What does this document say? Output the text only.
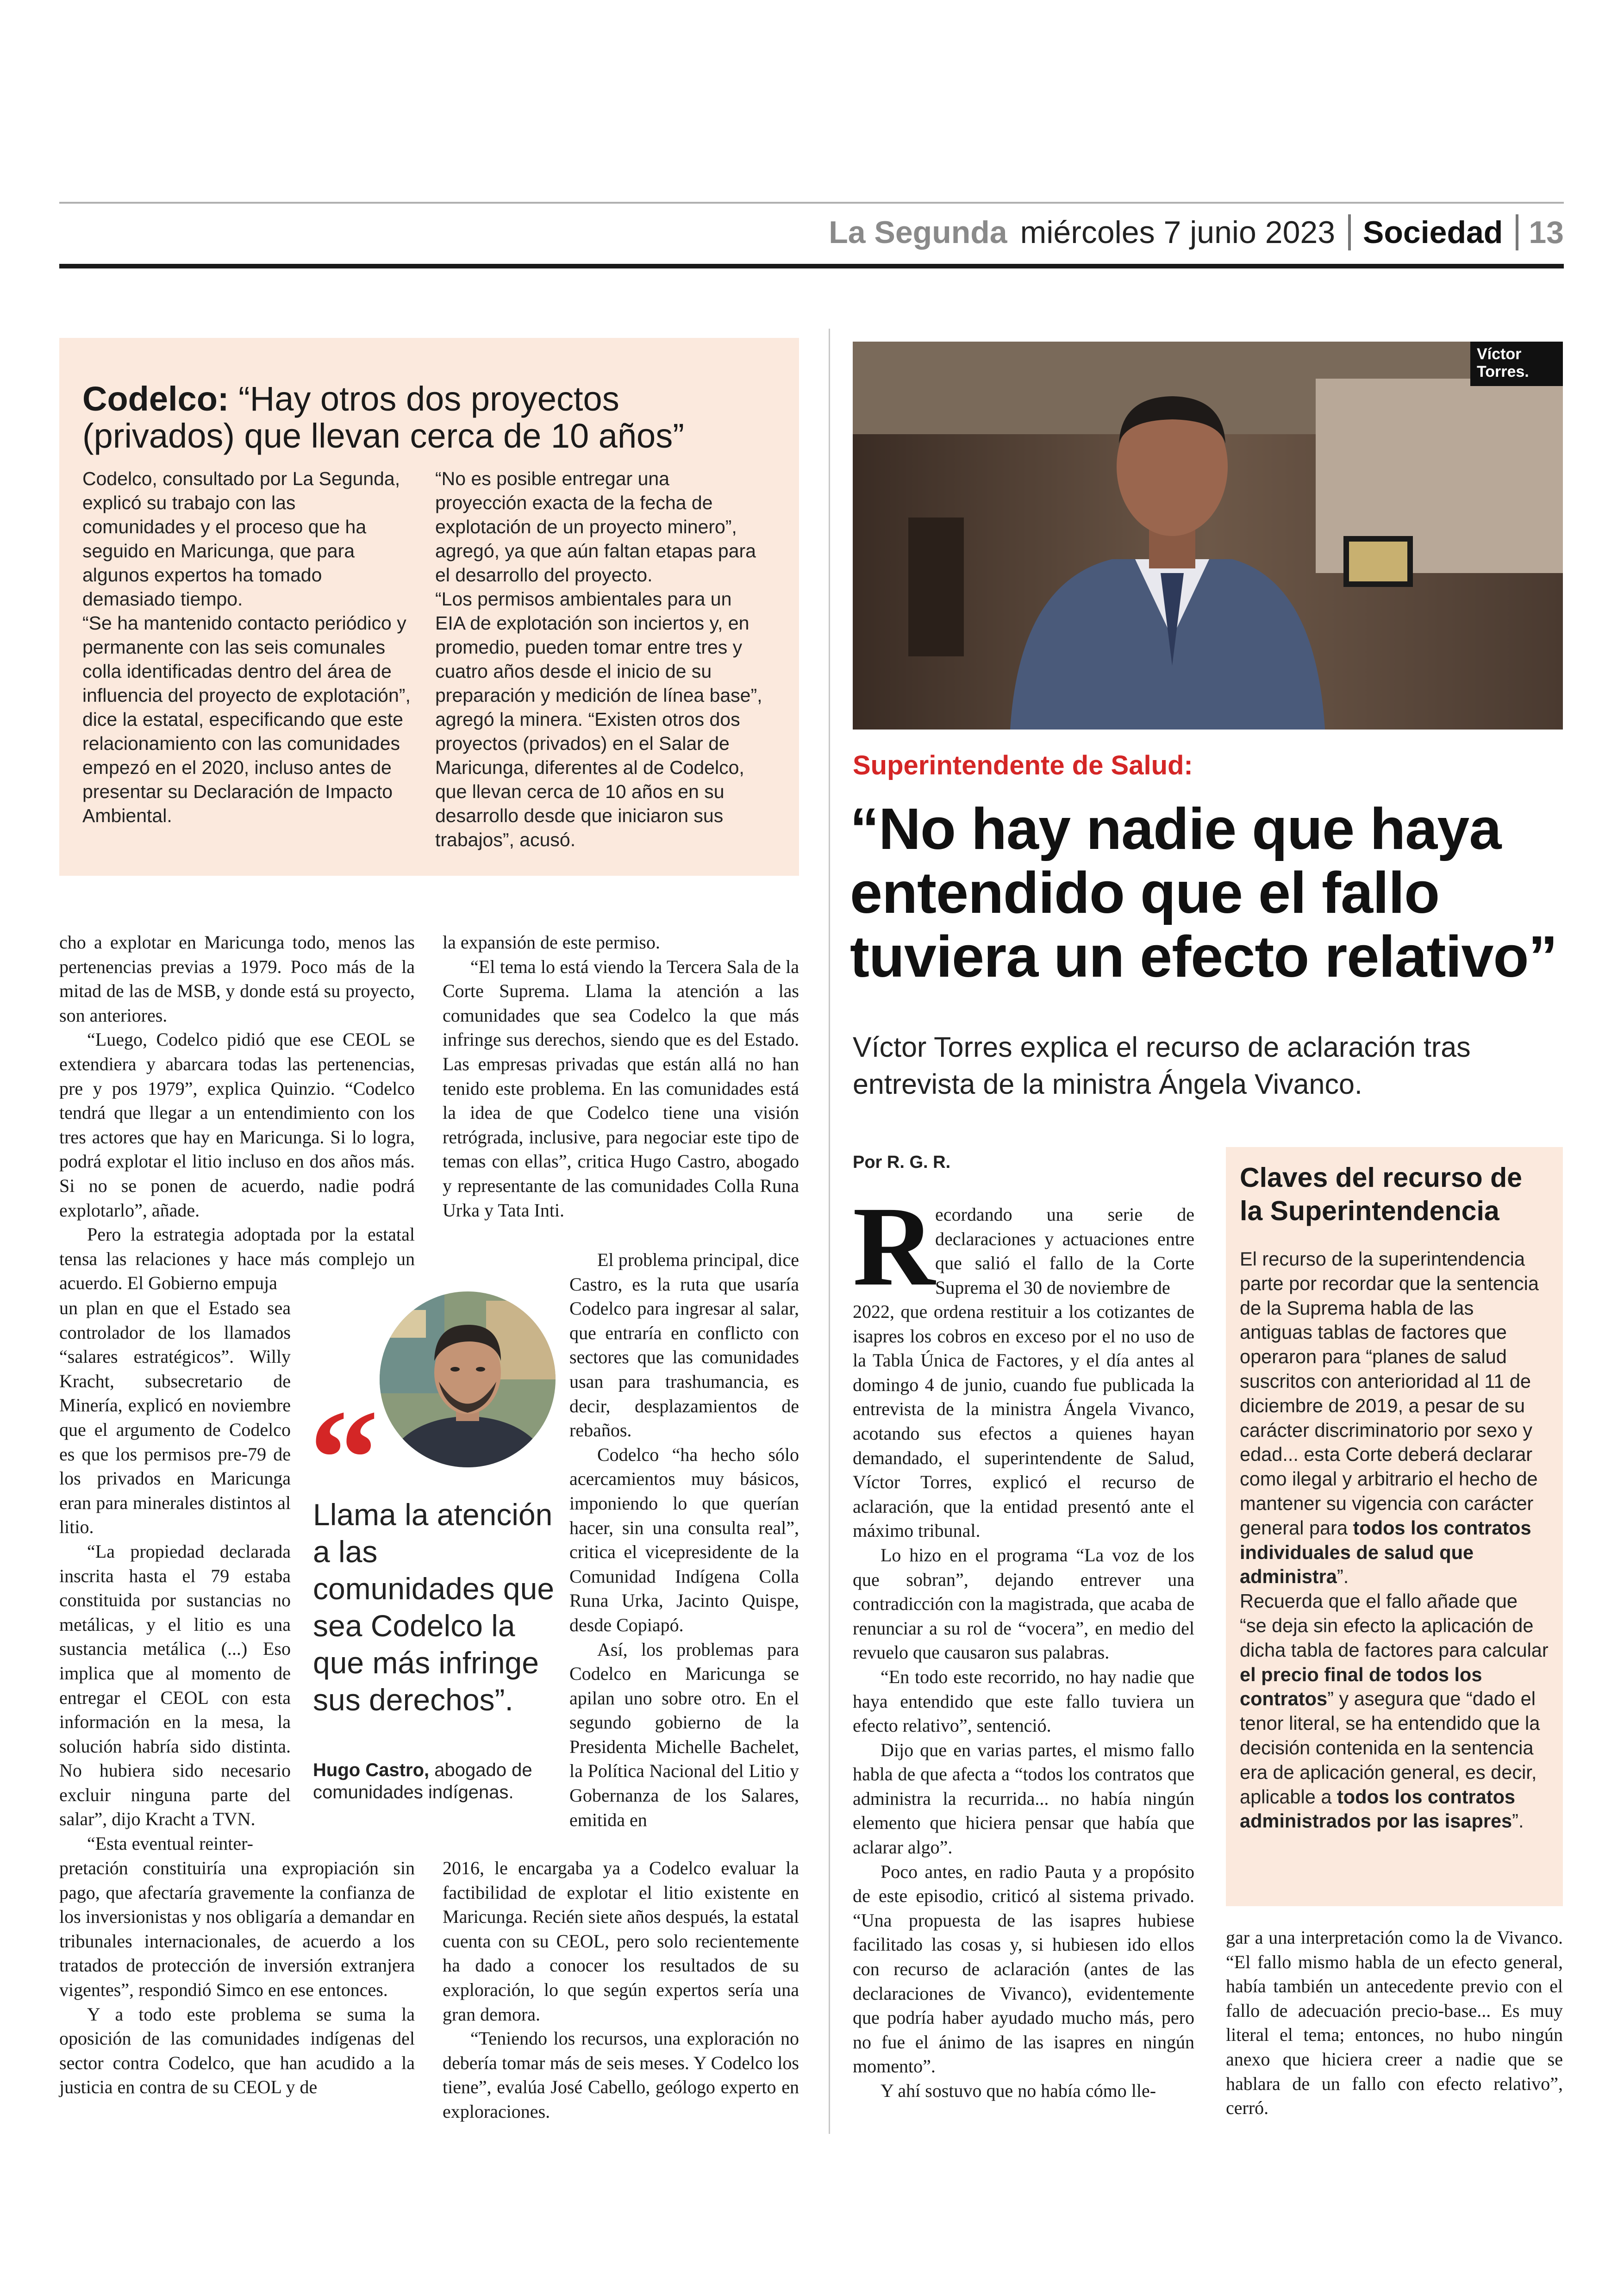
La Segunda miércoles 7 junio 2023 Sociedad 13
Codelco: “Hay otros dos proyectos (privados) que llevan cerca de 10 años”

Codelco, consultado por La Segunda, explicó su trabajo con las comunidades y el proceso que ha seguido en Maricunga, que para algunos expertos ha tomado demasiado tiempo.

“Se ha mantenido contacto periódico y permanente con las seis comunales colla identificadas dentro del área de influencia del proyecto de explotación”, dice la estatal, especificando que este relacionamiento con las comunidades empezó en el 2020, incluso antes de presentar su Declaración de Impacto Ambiental.

“No es posible entregar una proyección exacta de la fecha de explotación de un proyecto minero”, agregó, ya que aún faltan etapas para el desarrollo del proyecto.

“Los permisos ambientales para un EIA de explotación son inciertos y, en promedio, pueden tomar entre tres y cuatro años desde el inicio de su preparación y medición de línea base”, agregó la minera. “Existen otros dos proyectos (privados) en el Salar de Maricunga, diferentes al de Codelco, que llevan cerca de 10 años en su desarrollo desde que iniciaron sus trabajos”, acusó.

cho a explotar en Maricunga todo, menos las pertenencias previas a 1979. Poco más de la mitad de las de MSB, y donde está su proyecto, son anteriores.

“Luego, Codelco pidió que ese CEOL se extendiera y abarcara todas las pertenencias, pre y pos 1979”, explica Quinzio. “Codelco tendrá que llegar a un entendimiento con los tres actores que hay en Maricunga. Si lo logra, podrá explotar el litio incluso en dos años más. Si no se ponen de acuerdo, nadie podrá explotarlo”, añade.

Pero la estrategia adoptada por la estatal tensa las relaciones y hace más complejo un acuerdo. El Gobierno empuja

un plan en que el Estado sea controlador de los llamados “salares estratégicos”. Willy Kracht, subsecretario de Minería, explicó en noviembre que el argumento de Codelco es que los permisos pre-79 de los privados en Maricunga eran para minerales distintos al litio.

“La propiedad declarada inscrita hasta el 79 estaba constituida por sustancias no metálicas, y el litio es una sustancia metálica (...) Eso implica que al momento de entregar el CEOL con esta información en la mesa, la solución habría sido distinta. No hubiera sido necesario excluir ninguna parte del salar”, dijo Kracht a TVN.

“Esta eventual reinter-

pretación constituiría una expropiación sin pago, que afectaría gravemente la confianza de los inversionistas y nos obligaría a demandar en tribunales internacionales, de acuerdo a los tratados de protección de inversión extranjera vigentes”, respondió Simco en ese entonces.

Y a todo este problema se suma la oposición de las comunidades indígenas del sector contra Codelco, que han acudido a la justicia en contra de su CEOL y de

la expansión de este permiso.

“El tema lo está viendo la Tercera Sala de la Corte Suprema. Llama la atención a las comunidades que sea Codelco la que más infringe sus derechos, siendo que es del Estado. Las empresas privadas que están allá no han tenido este problema. En las comunidades está la idea de que Codelco tiene una visión retrógrada, inclusive, para negociar este tipo de temas con ellas”, critica Hugo Castro, abogado y representante de las comunidades Colla Runa Urka y Tata Inti.

El problema principal, dice Castro, es la ruta que usaría Codelco para ingresar al salar, que entraría en conflicto con sectores que las comunidades usan para trashumancia, es decir, desplazamientos de rebaños.

Codelco “ha hecho sólo acercamientos muy básicos, imponiendo lo que querían hacer, sin una consulta real”, critica el vicepresidente de la Comunidad Indígena Colla Runa Urka, Jacinto Quispe, desde Copiapó.

Así, los problemas para Codelco en Maricunga se apilan uno sobre otro. En el segundo gobierno de la Presidenta Michelle Bachelet, la Política Nacional del Litio y Gobernanza de los Salares, emitida en

2016, le encargaba ya a Codelco evaluar la factibilidad de explotar el litio existente en Maricunga. Recién siete años después, la estatal cuenta con su CEOL, pero solo recientemente ha dado a conocer los resultados de su exploración, lo que según expertos sería una gran demora.

“Teniendo los recursos, una exploración no debería tomar más de seis meses. Y Codelco los tiene”, evalúa José Cabello, geólogo experto en exploraciones.

“
Llama la atención a las comunidades que sea Codelco la que más infringe sus derechos”.
Hugo Castro, abogado de comunidades indígenas.
Víctor Torres.
Superintendente de Salud:
“No hay nadie que haya entendido que el fallo tuviera un efecto relativo”
Víctor Torres explica el recurso de aclaración tras entrevista de la ministra Ángela Vivanco.
Por R. G. R.
R ecordando una serie de declaraciones y actuaciones entre que salió el fallo de la Corte Suprema el 30 de noviembre de

2022, que ordena restituir a los cotizantes de isapres los cobros en exceso por el no uso de la Tabla Única de Factores, y el día antes al domingo 4 de junio, cuando fue publicada la entrevista de la ministra Ángela Vivanco, acotando sus efectos a quienes hayan demandado, el superintendente de Salud, Víctor Torres, explicó el recurso de aclaración, que la entidad presentó ante el máximo tribunal.

Lo hizo en el programa “La voz de los que sobran”, dejando entrever una contradicción con la magistrada, que acaba de renunciar a su rol de “vocera”, en medio del revuelo que causaron sus palabras.

“En todo este recorrido, no hay nadie que haya entendido que este fallo tuviera un efecto relativo”, sentenció.

Dijo que en varias partes, el mismo fallo habla de que afecta a “todos los contratos que administra la recurrida... no había ningún elemento que hiciera pensar que había que aclarar algo”.

Poco antes, en radio Pauta y a propósito de este episodio, criticó al sistema privado. “Una propuesta de las isapres hubiese facilitado las cosas y, si hubiesen ido ellos con recurso de aclaración (antes de las declaraciones de Vivanco), evidentemente que podría haber ayudado mucho más, pero no fue el ánimo de las isapres en ningún momento”.

Y ahí sostuvo que no había cómo lle-

Claves del recurso de la Superintendencia

El recurso de la superintendencia parte por recordar que la sentencia de la Suprema habla de las antiguas tablas de factores que operaron para “planes de salud suscritos con anterioridad al 11 de diciembre de 2019, a pesar de su carácter discriminatorio por sexo y edad... esta Corte deberá declarar como ilegal y arbitrario el hecho de mantener su vigencia con carácter general para todos los contratos individuales de salud que administra”.

Recuerda que el fallo añade que “se deja sin efecto la aplicación de dicha tabla de factores para calcular el precio final de todos los contratos” y asegura que “dado el tenor literal, se ha entendido que la decisión contenida en la sentencia era de aplicación general, es decir, aplicable a todos los contratos administrados por las isapres”.

gar a una interpretación como la de Vivanco. “El fallo mismo habla de un efecto general, había también un antecedente previo con el fallo de adecuación precio-base... Es muy literal el tema; entonces, no hubo ningún anexo que hiciera creer a nadie que se hablara de un fallo con efecto relativo”, cerró.
